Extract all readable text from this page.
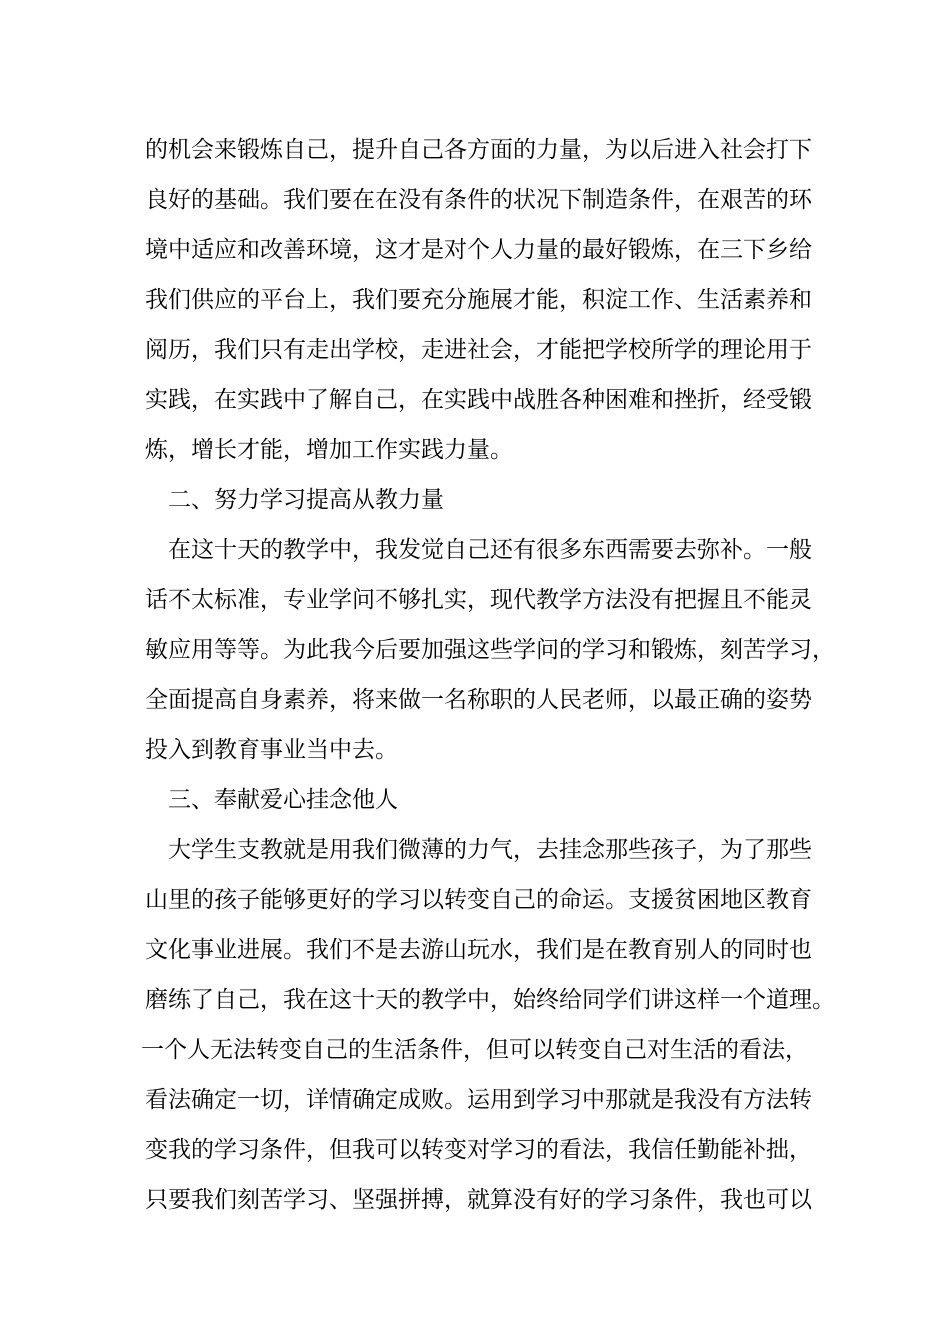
的机会来锻炼自己，提升自己各方面的力量，为以后进入社会打下
良好的基础。我们要在在没有条件的状况下制造条件，在艰苦的环
境中适应和改善环境，这才是对个人力量的最好锻炼，在三下乡给
我们供应的平台上，我们要充分施展才能，积淀工作、生活素养和
阅历，我们只有走出学校，走进社会，才能把学校所学的理论用于
实践，在实践中了解自己，在实践中战胜各种困难和挫折，经受锻
炼，增长才能，增加工作实践力量。
二、努力学习提高从教力量
在这十天的教学中，我发觉自己还有很多东西需要去弥补。一般
话不太标准，专业学问不够扎实，现代教学方法没有把握且不能灵
敏应用等等。为此我今后要加强这些学问的学习和锻炼，刻苦学习，
全面提高自身素养，将来做一名称职的人民老师，以最正确的姿势
投入到教育事业当中去。
三、奉献爱心挂念他人
大学生支教就是用我们微薄的力气，去挂念那些孩子，为了那些
山里的孩子能够更好的学习以转变自己的命运。支援贫困地区教育
文化事业进展。我们不是去游山玩水，我们是在教育别人的同时也
磨练了自己，我在这十天的教学中，始终给同学们讲这样一个道理。
一个人无法转变自己的生活条件，但可以转变自己对生活的看法，
看法确定一切，详情确定成败。运用到学习中那就是我没有方法转
变我的学习条件，但我可以转变对学习的看法，我信任勤能补拙，
只要我们刻苦学习、坚强拼搏，就算没有好的学习条件，我也可以
